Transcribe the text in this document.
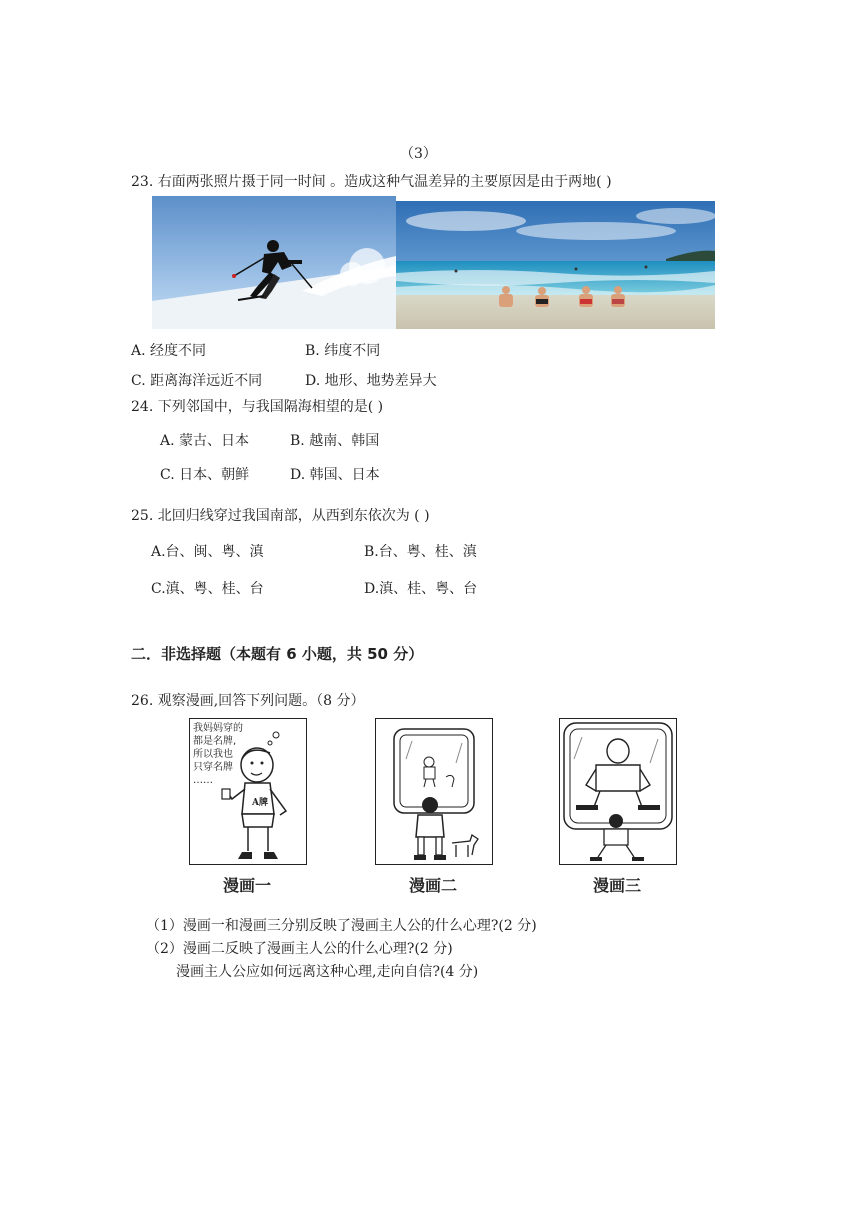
（3）
23. 右面两张照片摄于同一时间 。造成这种气温差异的主要原因是由于两地( )
A. 经度不同	B. 纬度不同
C. 距离海洋远近不同	D. 地形、地势差异大
24. 下列邻国中，与我国隔海相望的是( )
A. 蒙古、日本	B. 越南、韩国
C. 日本、朝鲜	D. 韩国、日本
25. 北回归线穿过我国南部，从西到东依次为 ( )
A.台、闽、粤、滇	B.台、粤、桂、滇
C.滇、粤、桂、台	D.滇、桂、粤、台
二．非选择题（本题有 6 小题，共 50 分）
26. 观察漫画,回答下列问题。（8 分）
我妈妈穿的
都是名牌,
所以我也
只穿名牌
……
A牌
漫画一	漫画二	漫画三
（1）漫画一和漫画三分别反映了漫画主人公的什么心理?(2 分)
（2）漫画二反映了漫画主人公的什么心理?(2 分)
漫画主人公应如何远离这种心理,走向自信?(4 分)
